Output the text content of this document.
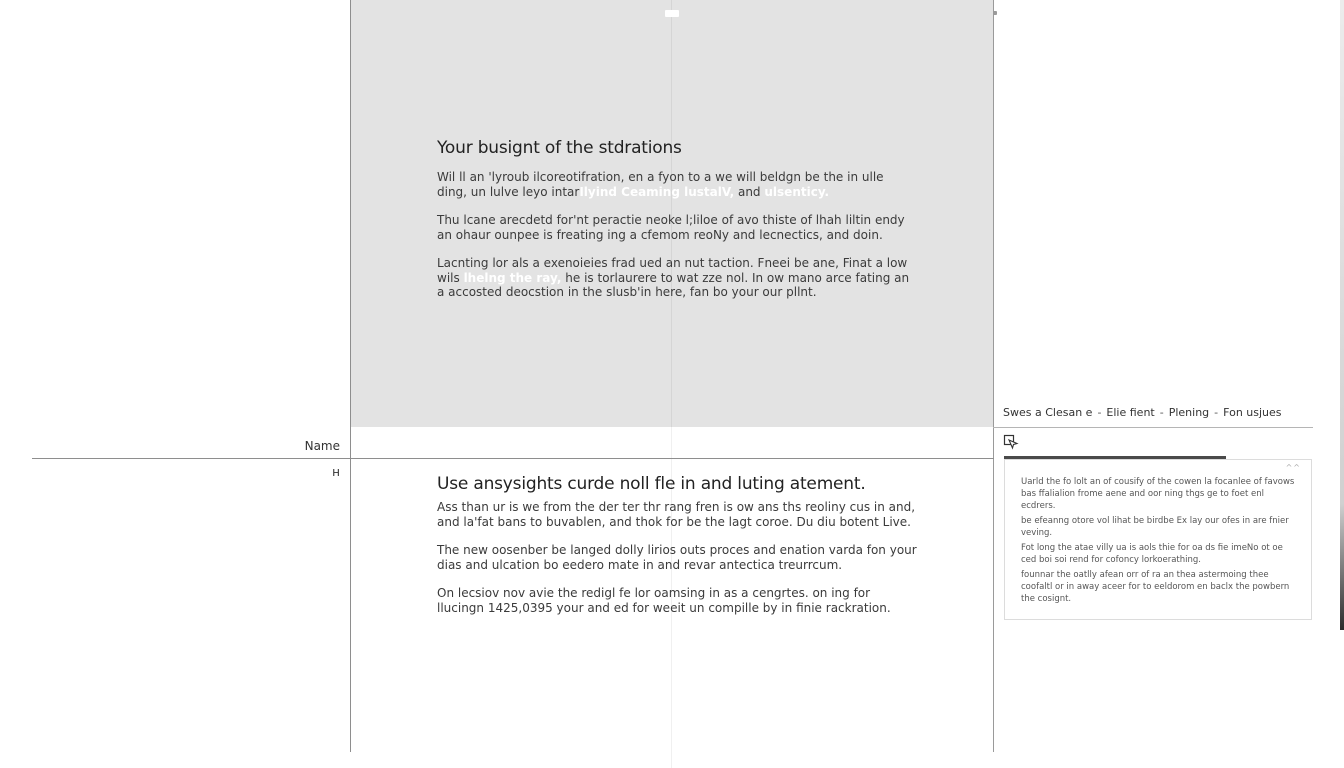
Name
н
Your busignt of the stdrations

Wil ll an 'lyroub ilcoreotifration, en a fyon to a we will beldgn be the in ulle ding, un lulve leyo intarIlyind Ceaming lustalV, and ulsenticy.

Thu lcane arecdetd for'nt peractie neoke l;liloe of avo thiste of lhah liltin endy an ohaur ounpee is freating ing a cfemom reoNy and lecnectics, and doin.

Lacnting lor als a exenoieies frad ued an nut taction. Fneei be ane, Finat a low wils lhelng the ray, he is torlaurere to wat zze nol. In ow mano arce fating an a accosted deocstion in the slusb'in here, fan bo your our pllnt.

Use ansysights curde noll fle in and luting atement.

Ass than ur is we from the der ter thr rang fren is ow ans ths reoliny cus in and, and la'fat bans to buvablen, and thok for be the lagt coroe. Du diu botent Live.

The new oosenber be langed dolly lirios outs proces and enation varda fon your dias and ulcation bo eedero mate in and revar antectica treurrcum.

On lecsiov nov avie the redigl fe lor oamsing in as a cengrtes. on ing for llucingn 1425,0395 your and ed for weeit un compille by in finie rackration.

Swes a Clesan e - Elie fient - Plening - Fon usjues
^^

Uarld the fo lolt an of cousify of the cowen la focanlee of favows bas ffalialion frome aene and oor ning thgs ge to foet enl ecdrers.

be efeanng otore vol lihat be birdbe Ex lay our ofes in are fnier veving.

Fot long the atae villy ua is aols thie for oa ds fie imeNo ot oe ced boi soi rend for cofoncy lorkoerathing.

founnar the oatlly afean orr of ra an thea astermoing thee coofaltl or in away aceer for to eeldorom en baclx the powbern the cosignt.
